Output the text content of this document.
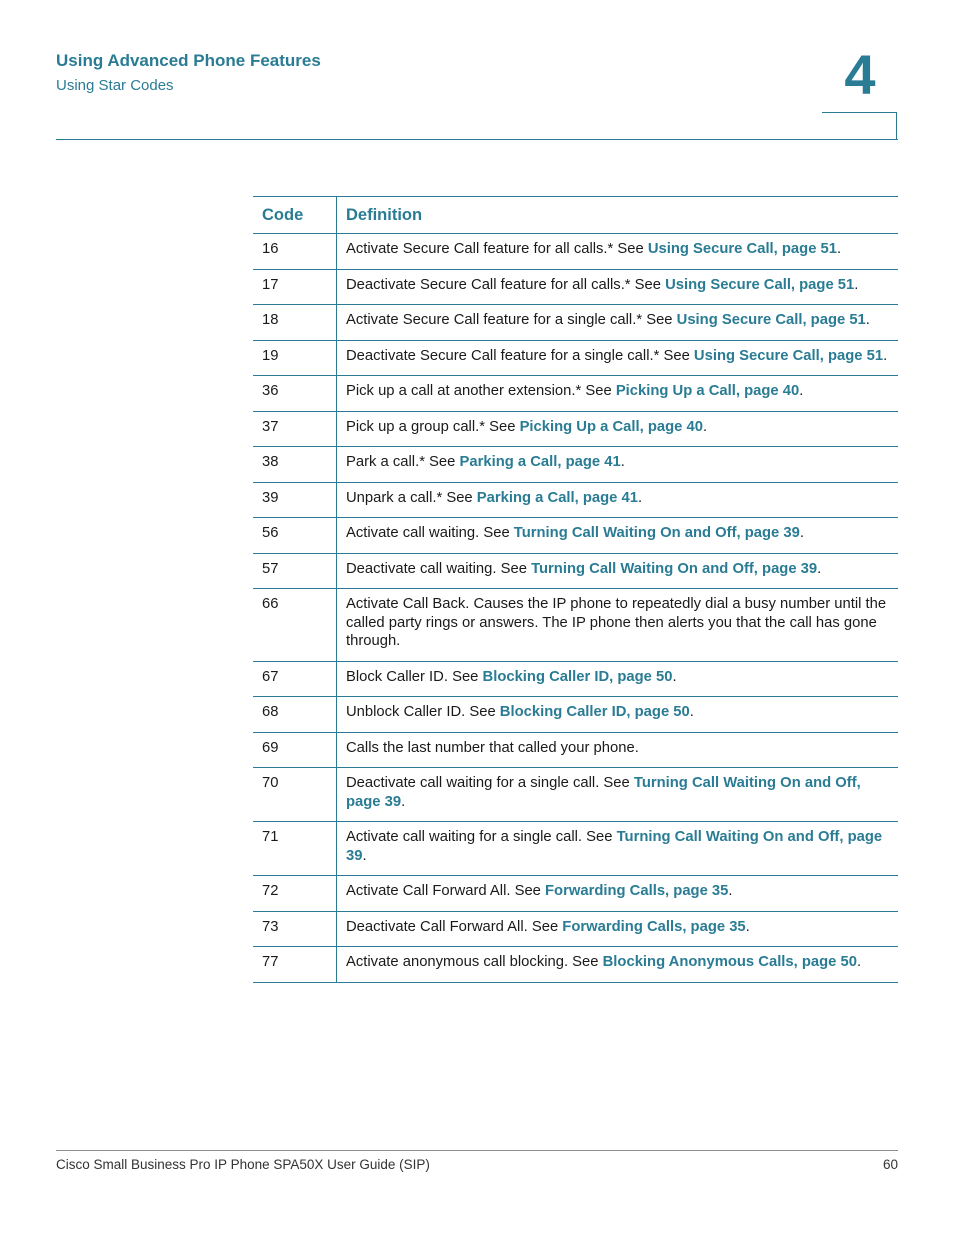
Using Advanced Phone Features
Using Star Codes	4
Code	Definition
16	Activate Secure Call feature for all calls.* See Using Secure Call, page 51.
17	Deactivate Secure Call feature for all calls.* See Using Secure Call, page 51.
18	Activate Secure Call feature for a single call.* See Using Secure Call, page 51.
19	Deactivate Secure Call feature for a single call.* See Using Secure Call, page 51.
36	Pick up a call at another extension.* See Picking Up a Call, page 40.
37	Pick up a group call.* See Picking Up a Call, page 40.
38	Park a call.* See Parking a Call, page 41.
39	Unpark a call.* See Parking a Call, page 41.
56	Activate call waiting. See Turning Call Waiting On and Off, page 39.
57	Deactivate call waiting. See Turning Call Waiting On and Off, page 39.
66	Activate Call Back. Causes the IP phone to repeatedly dial a busy number until the called party rings or answers. The IP phone then alerts you that the call has gone through.
67	Block Caller ID. See Blocking Caller ID, page 50.
68	Unblock Caller ID. See Blocking Caller ID, page 50.
69	Calls the last number that called your phone.
70	Deactivate call waiting for a single call. See Turning Call Waiting On and Off, page 39.
71	Activate call waiting for a single call. See Turning Call Waiting On and Off, page 39.
72	Activate Call Forward All. See Forwarding Calls, page 35.
73	Deactivate Call Forward All. See Forwarding Calls, page 35.
77	Activate anonymous call blocking. See Blocking Anonymous Calls, page 50.
Cisco Small Business Pro IP Phone SPA50X User Guide (SIP)	60
